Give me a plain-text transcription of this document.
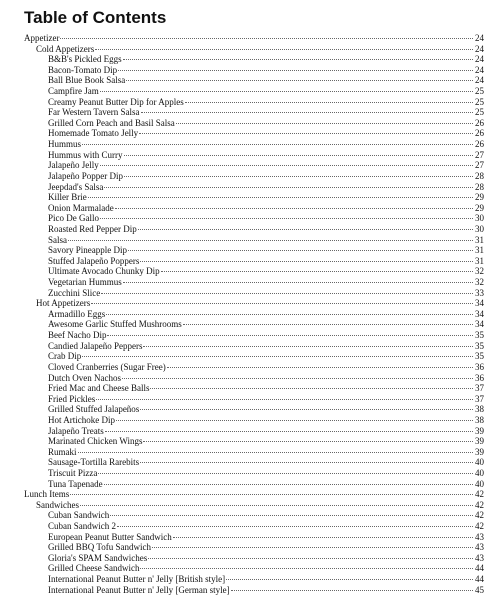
Table of Contents
Appetizer	24
Cold Appetizers	24
B&B's Pickled Eggs	24
Bacon-Tomato Dip	24
Ball Blue Book Salsa	24
Campfire Jam	25
Creamy Peanut Butter Dip for Apples	25
Far Western Tavern Salsa	25
Grilled Corn Peach and Basil Salsa	26
Homemade Tomato Jelly	26
Hummus	26
Hummus with Curry	27
Jalapeño Jelly	27
Jalapeño Popper Dip	28
Jeepdad's Salsa	28
Killer Brie	29
Onion Marmalade	29
Pico De Gallo	30
Roasted Red Pepper Dip	30
Salsa	31
Savory Pineapple Dip	31
Stuffed Jalapeño Poppers	31
Ultimate Avocado Chunky Dip	32
Vegetarian Hummus	32
Zucchini Slice	33
Hot Appetizers	34
Armadillo Eggs	34
Awesome Garlic Stuffed Mushrooms	34
Beef Nacho Dip	35
Candied Jalapeño Peppers	35
Crab Dip	35
Cloved Cranberries (Sugar Free)	36
Dutch Oven Nachos	36
Fried Mac and Cheese Balls	37
Fried Pickles	37
Grilled Stuffed Jalapeños	38
Hot Artichoke Dip	38
Jalapeño Treats	39
Marinated Chicken Wings	39
Rumaki	39
Sausage-Tortilla Rarebits	40
Triscuit Pizza	40
Tuna Tapenade	40
Lunch Items	42
Sandwiches	42
Cuban Sandwich	42
Cuban Sandwich 2	42
European Peanut Butter Sandwich	43
Grilled BBQ Tofu Sandwich	43
Gloria's SPAM Sandwiches	43
Grilled Cheese Sandwich	44
International Peanut Butter n' Jelly [British style]	44
International Peanut Butter n' Jelly [German style]	45
